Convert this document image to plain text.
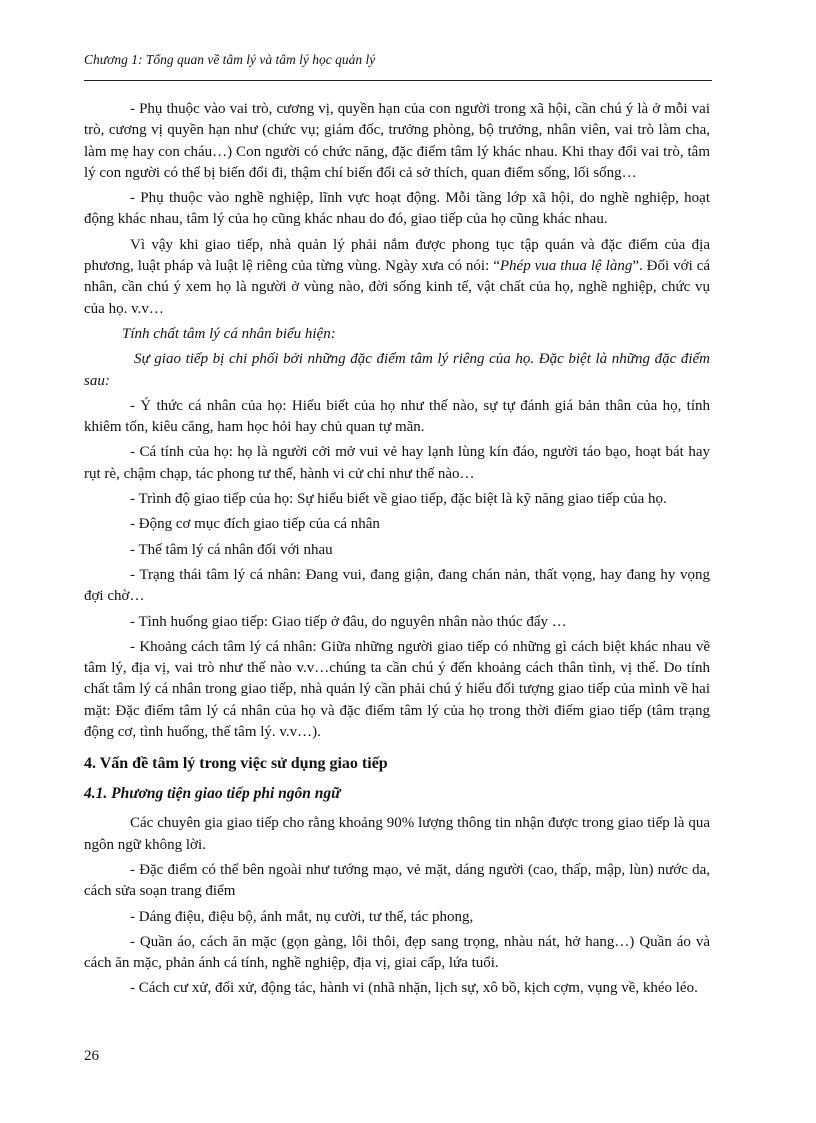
Chương 1: Tổng quan về tâm lý và tâm lý học quản lý

- Phụ thuộc vào vai trò, cương vị, quyền hạn của con người trong xã hội, cần chú ý là ở mỗi vai trò, cương vị quyền hạn như (chức vụ; giám đốc, trưởng phòng, bộ trưởng, nhân viên, vai trò làm cha, làm mẹ hay con cháu…) Con người có chức năng, đặc điểm tâm lý khác nhau. Khi thay đổi vai trò, tâm lý con người có thể bị biến đổi đi, thậm chí biến đổi cả sở thích, quan điểm sống, lối sống…

- Phụ thuộc vào nghề nghiệp, lĩnh vực hoạt động. Mỗi tầng lớp xã hội, do nghề nghiệp, hoạt động khác nhau, tâm lý của họ cũng khác nhau do đó, giao tiếp của họ cũng khác nhau.

Vì vậy khi giao tiếp, nhà quản lý phải nắm được phong tục tập quán và đặc điểm của địa phương, luật pháp và luật lệ riêng của từng vùng. Ngày xưa có nói: “Phép vua thua lệ làng”. Đối với cá nhân, cần chú ý xem họ là người ở vùng nào, đời sống kinh tế, vật chất của họ, nghề nghiệp, chức vụ của họ. v.v…

Tính chất tâm lý cá nhân biểu hiện:

Sự giao tiếp bị chi phối bởi những đặc điểm tâm lý riêng của họ. Đặc biệt là những đặc điểm sau:

- Ý thức cá nhân của họ: Hiểu biết của họ như thế nào, sự tự đánh giá bản thân của họ, tính khiêm tốn, kiêu căng, ham học hỏi hay chủ quan tự mãn.

- Cá tính của họ: họ là người cởi mở vui vẻ hay lạnh lùng kín đáo, người táo bạo, hoạt bát hay rụt rè, chậm chạp, tác phong tư thế, hành vi cử chỉ như thế nào…

- Trình độ giao tiếp của họ: Sự hiểu biết về giao tiếp, đặc biệt là kỹ năng giao tiếp của họ.

- Động cơ mục đích giao tiếp của cá nhân

- Thế tâm lý cá nhân đối với nhau

- Trạng thái tâm lý cá nhân: Đang vui, đang giận, đang chán nản, thất vọng, hay đang hy vọng đợi chờ…

- Tình huống giao tiếp: Giao tiếp ở đâu, do nguyên nhân nào thúc đẩy …

- Khoảng cách tâm lý cá nhân: Giữa những người giao tiếp có những gì cách biệt khác nhau về tâm lý, địa vị, vai trò như thế nào v.v…chúng ta cần chú ý đến khoảng cách thân tình, vị thế. Do tính chất tâm lý cá nhân trong giao tiếp, nhà quản lý cần phải chú ý hiểu đối tượng giao tiếp của mình về hai mặt: Đặc điểm tâm lý cá nhân của họ và đặc điểm tâm lý của họ trong thời điểm giao tiếp (tâm trạng động cơ, tình huống, thế tâm lý. v.v…).

4. Vấn đề tâm lý trong việc sử dụng giao tiếp
4.1. Phương tiện giao tiếp phi ngôn ngữ

Các chuyên gia giao tiếp cho rằng khoảng 90% lượng thông tin nhận được trong giao tiếp là qua ngôn ngữ không lời.

- Đặc điểm có thể bên ngoài như tướng mạo, vẻ mặt, dáng người (cao, thấp, mập, lùn) nước da, cách sửa soạn trang điểm

- Dáng điệu, điệu bộ, ánh mắt, nụ cười, tư thế, tác phong,

- Quần áo, cách ăn mặc (gọn gàng, lôi thôi, đẹp sang trọng, nhàu nát, hở hang…) Quần áo và cách ăn mặc, phản ánh cá tính, nghề nghiệp, địa vị, giai cấp, lứa tuổi.

- Cách cư xử, đối xử, động tác, hành vi (nhã nhặn, lịch sự, xô bồ, kịch cợm, vụng về, khéo léo.

26
